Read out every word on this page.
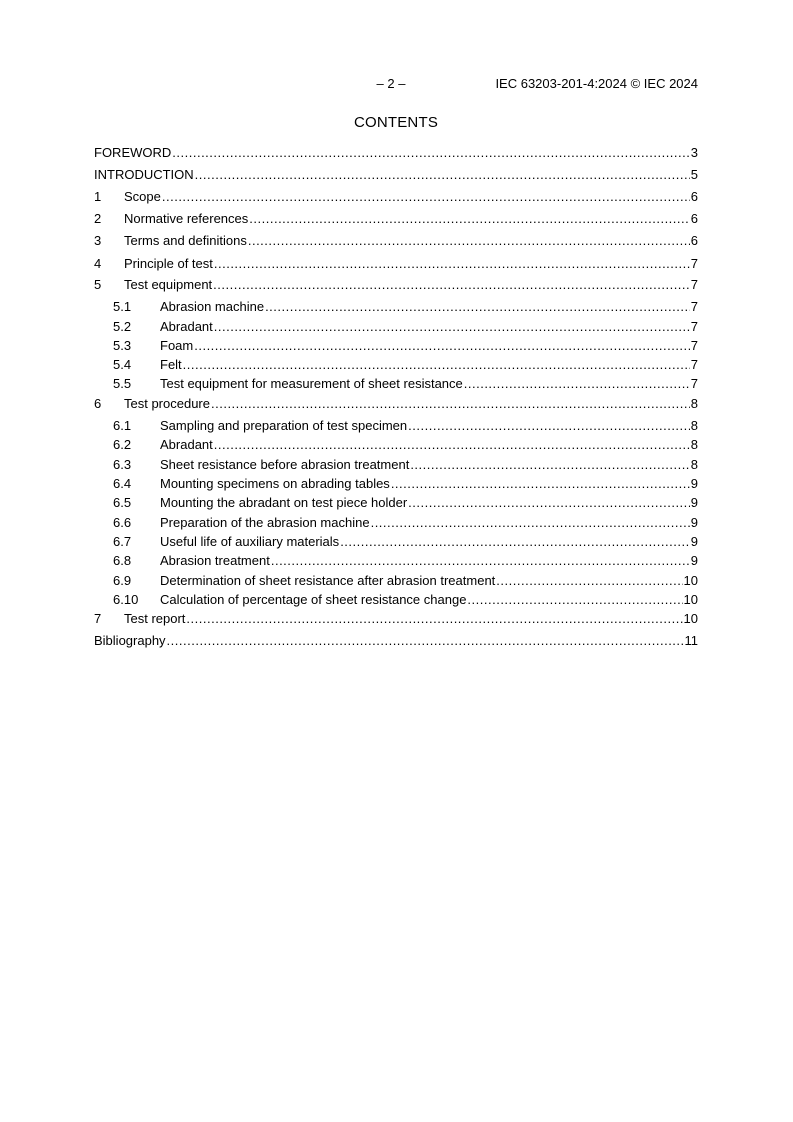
– 2 –	IEC 63203-201-4:2024 © IEC 2024
CONTENTS
FOREWORD .....	3
INTRODUCTION .....	5
1	Scope .....	6
2	Normative references .....	6
3	Terms and definitions .....	6
4	Principle of test .....	7
5	Test equipment .....	7
5.1	Abrasion machine .....	7
5.2	Abradant .....	7
5.3	Foam .....	7
5.4	Felt .....	7
5.5	Test equipment for measurement of sheet resistance .....	7
6	Test procedure .....	8
6.1	Sampling and preparation of test specimen .....	8
6.2	Abradant .....	8
6.3	Sheet resistance before abrasion treatment .....	8
6.4	Mounting specimens on abrading tables .....	9
6.5	Mounting the abradant on test piece holder .....	9
6.6	Preparation of the abrasion machine .....	9
6.7	Useful life of auxiliary materials .....	9
6.8	Abrasion treatment .....	9
6.9	Determination of sheet resistance after abrasion treatment .....	10
6.10	Calculation of percentage of sheet resistance change .....	10
7	Test report .....	10
Bibliography .....	11
